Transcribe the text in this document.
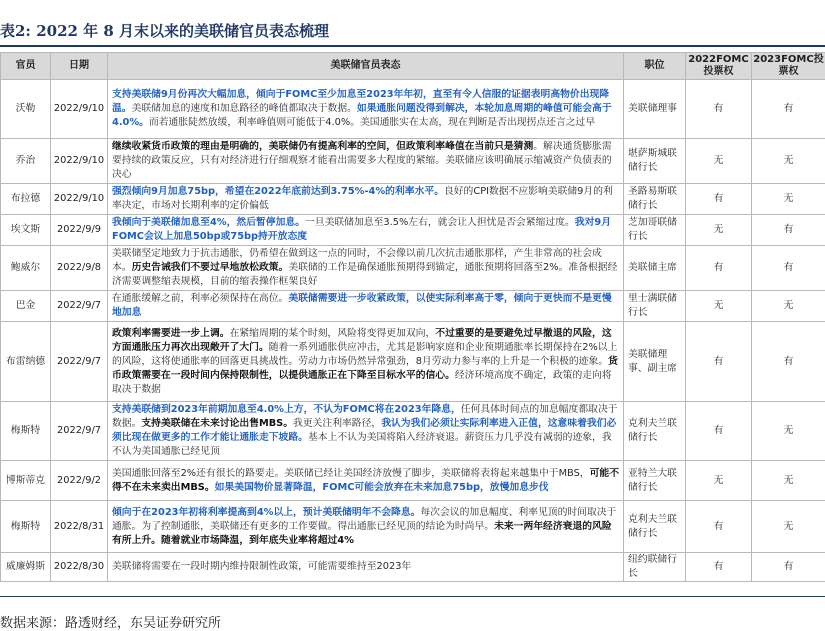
表2: 2022 年 8 月末以来的美联储官员表态梳理
官员	日期	美联储官员表态	职位	2022FOMC投票权	2023FOMC投票权
沃勒	2022/9/10	支持美联储9月份再次大幅加息，倾向于FOMC至少加息至2023年年初，直至有令人信服的证据表明高物价出现降温。美联储加息的速度和加息路径的峰值都取决于数据。如果通胀问题没得到解决，本轮加息周期的峰值可能会高于4.0%。而若通胀陡然放缓，利率峰值则可能低于4.0%。美国通胀实在太高，现在判断是否出现拐点还言之过早	美联储理事	有	有
乔治	2022/9/10	继续收紧货币政策的理由是明确的，美联储仍有提高利率的空间，但政策利率峰值在当前只是猜测。解决通货膨胀需要持续的政策反应，只有对经济进行仔细观察才能看出需要多大程度的紧缩。美联储应该明确展示缩减资产负债表的决心	堪萨斯城联储行长	无	无
布拉德	2022/9/10	强烈倾向9月加息75bp，希望在2022年底前达到3.75%-4%的利率水平。良好的CPI数据不应影响美联储9月的利率决定，市场对长期利率的定价偏低	圣路易斯联储行长	有	无
埃文斯	2022/9/9	我倾向于美联储加息至4%，然后暂停加息。一旦美联储加息至3.5%左右，就会让人担忧是否会紧缩过度。我对9月FOMC会议上加息50bp或75bp持开放态度	芝加哥联储行长	无	有
鲍威尔	2022/9/8	美联储坚定地致力于抗击通胀，仍希望在做到这一点的同时，不会像以前几次抗击通胀那样，产生非常高的社会成本。历史告诫我们不要过早地放松政策。美联储的工作是确保通胀预期得到锚定，通胀预期将回落至2%。准备根据经济需要调整缩表规模，目前的缩表操作框架良好	美联储主席	有	有
巴金	2022/9/7	在通胀缓解之前，利率必须保持在高位。美联储需要进一步收紧政策，以使实际利率高于零，倾向于更快而不是更慢地加息	里士满联储行长	无	无
布雷纳德	2022/9/7	政策利率需要进一步上调。在紧缩周期的某个时刻，风险将变得更加双向，不过重要的是要避免过早撤退的风险，这方面通胀压力再次出现敞开了大门。随着一系列通胀供应冲击，尤其是影响家庭和企业预期通胀率长期保持在2%以上的风险，这将使通胀率的回落更具挑战性。劳动力市场仍然异常强劲，8月劳动力参与率的上升是一个积极的迹象。货币政策需要在一段时间内保持限制性，以提供通胀正在下降至目标水平的信心。经济环境高度不确定，政策的走向将取决于数据	美联储理事、副主席	有	有
梅斯特	2022/9/7	支持美联储到2023年前期加息至4.0%上方，不认为FOMC将在2023年降息，任何具体时间点的加息幅度都取决于数据。支持美联储在未来讨论出售MBS。我更关注利率路径，我认为我们必须让实际利率进入正值，这意味着我们必须比现在做更多的工作才能让通胀走下坡路。基本上不认为美国将陷入经济衰退。薪资压力几乎没有减弱的迹象，我不认为美国通胀已经见顶	克利夫兰联储行长	有	无
博斯蒂克	2022/9/2	美国通胀回落至2%还有很长的路要走。美联储已经让美国经济放慢了脚步，美联储将表将起来越集中于MBS，可能不得不在未来卖出MBS。如果美国物价显著降温，FOMC可能会放弃在未来加息75bp，放慢加息步伐	亚特兰大联储行长	无	无
梅斯特	2022/8/31	倾向于在2023年初将利率提高到4%以上，预计美联储明年不会降息。每次会议的加息幅度、利率见顶的时间取决于通胀。为了控制通胀，美联储还有更多的工作要做。得出通胀已经见顶的结论为时尚早。未来一两年经济衰退的风险有所上升。随着就业市场降温，到年底失业率将超过4%	克利夫兰联储行长	有	无
威廉姆斯	2022/8/30	美联储将需要在一段时期内维持限制性政策，可能需要维持至2023年	纽约联储行长	有	有
数据来源：路透财经，东吴证券研究所
